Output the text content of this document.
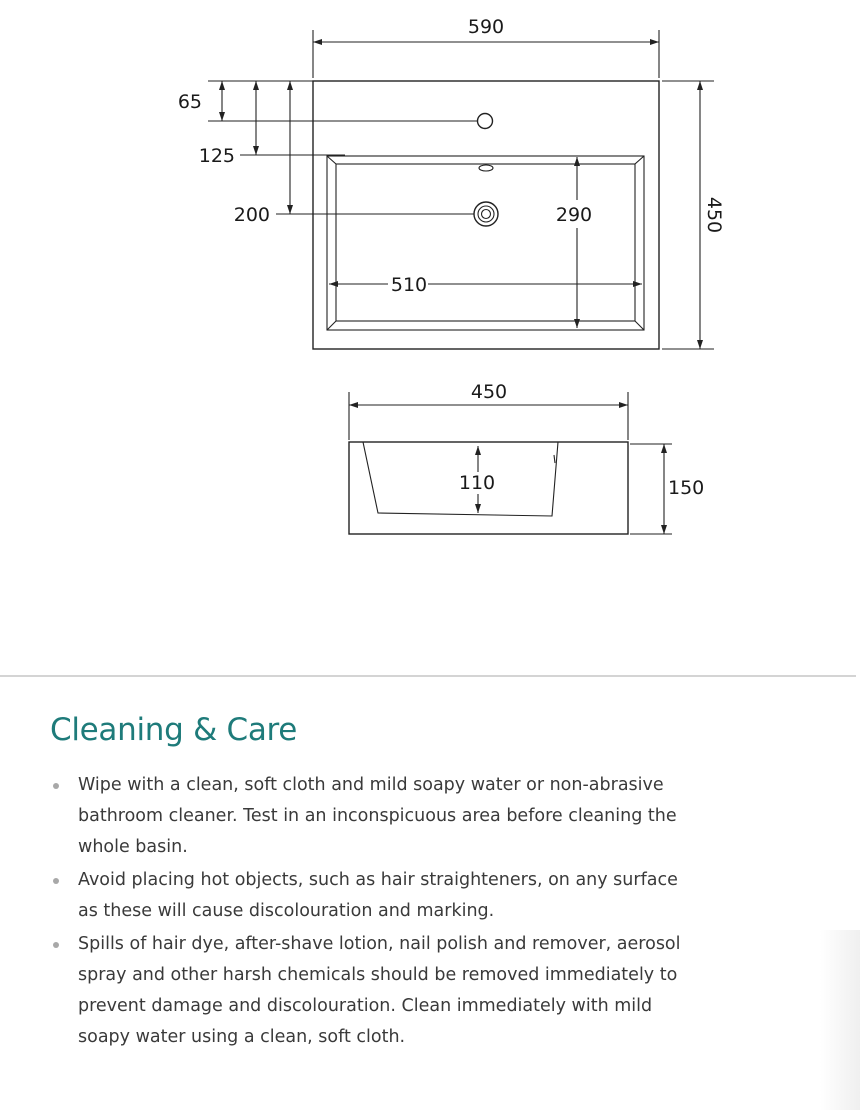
590
450
65
125
200	290
510
450
150
110
Cleaning & Care
Wipe with a clean, soft cloth and mild soapy water or non-abrasive bathroom cleaner. Test in an inconspicuous area before cleaning the whole basin.
Avoid placing hot objects, such as hair straighteners, on any surface as these will cause discolouration and marking.
Spills of hair dye, after-shave lotion, nail polish and remover, aerosol spray and other harsh chemicals should be removed immediately to prevent damage and discolouration. Clean immediately with mild soapy water using a clean, soft cloth.
